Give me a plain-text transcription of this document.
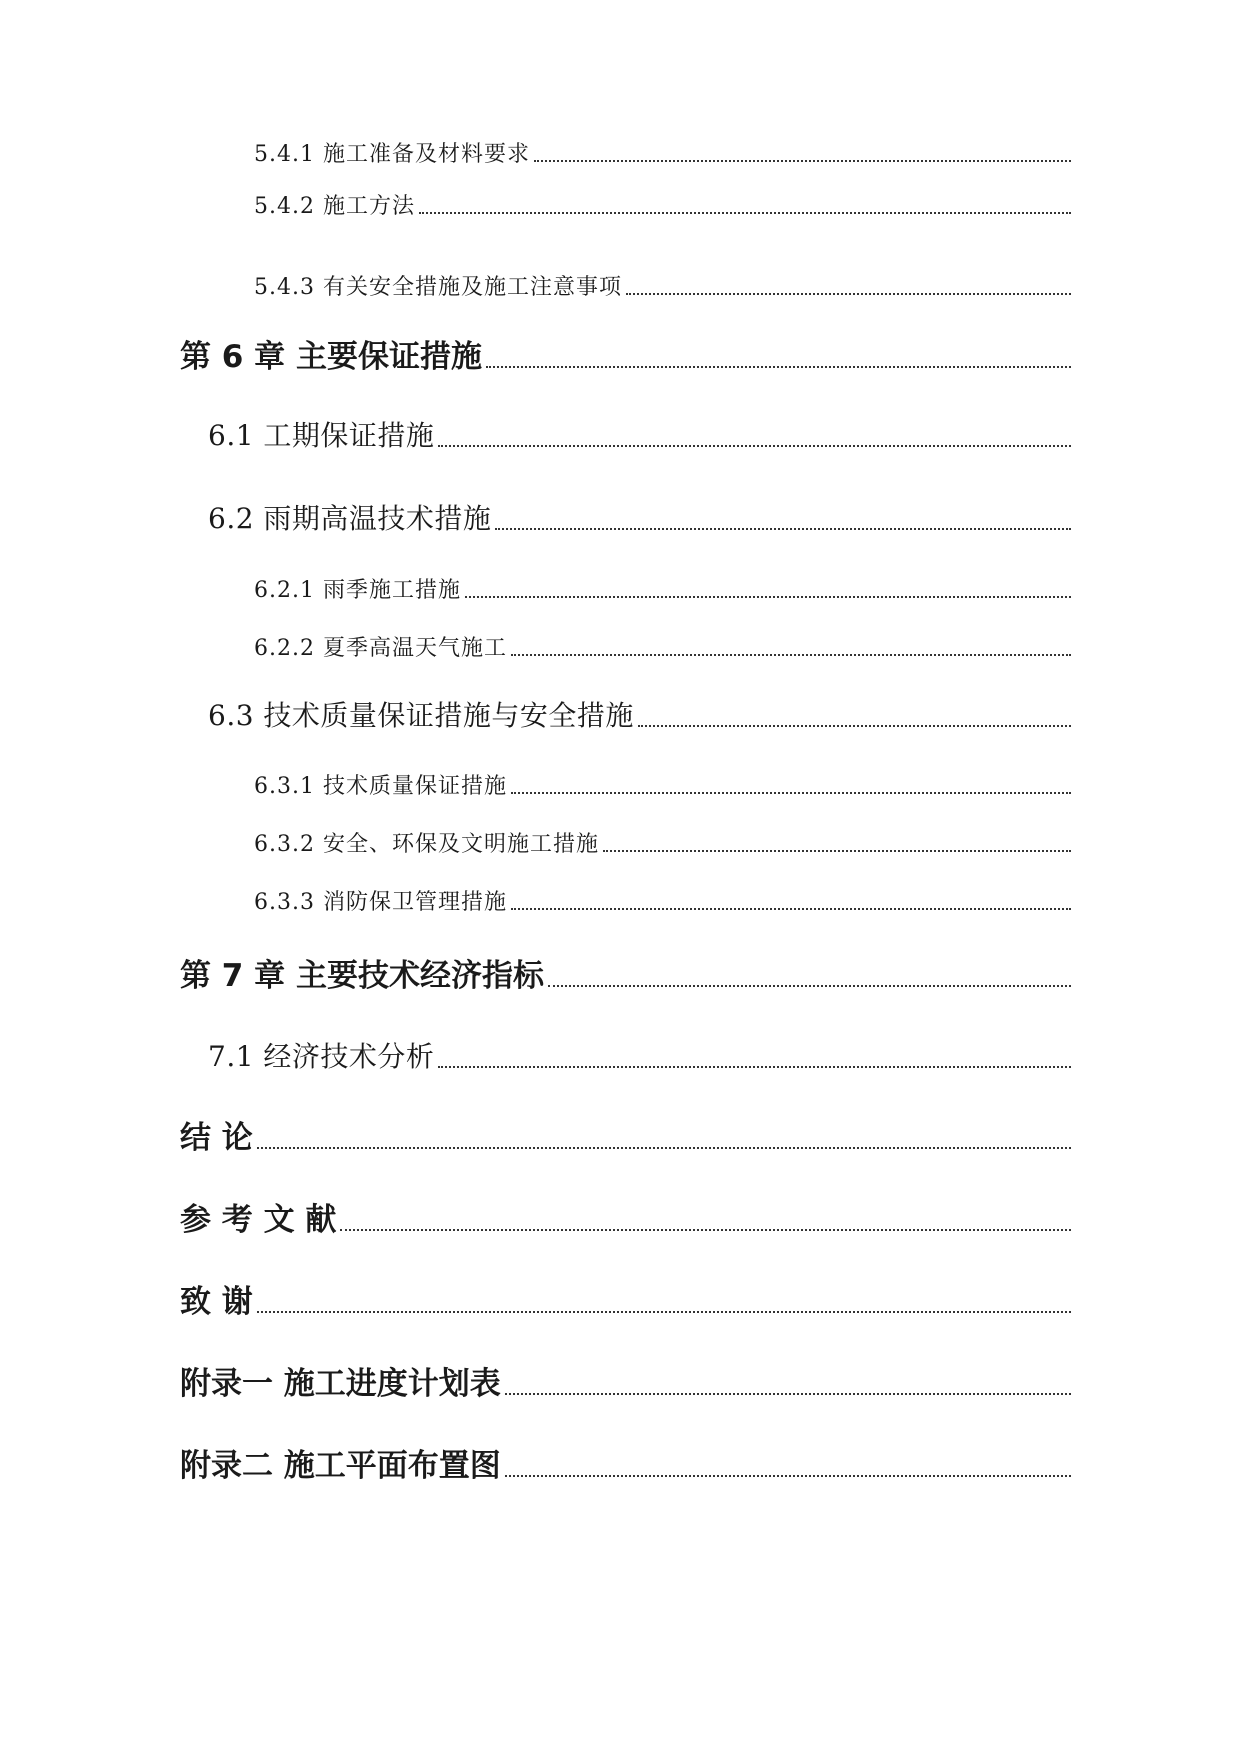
5.4.1 施工准备及材料要求
5.4.2 施工方法
5.4.3 有关安全措施及施工注意事项
第 6 章 主要保证措施
6.1 工期保证措施
6.2 雨期高温技术措施
6.2.1 雨季施工措施
6.2.2 夏季高温天气施工
6.3 技术质量保证措施与安全措施
6.3.1 技术质量保证措施
6.3.2 安全、环保及文明施工措施
6.3.3 消防保卫管理措施
第 7 章 主要技术经济指标
7.1 经济技术分析
结 论
参 考 文 献
致 谢
附录一 施工进度计划表
附录二 施工平面布置图
